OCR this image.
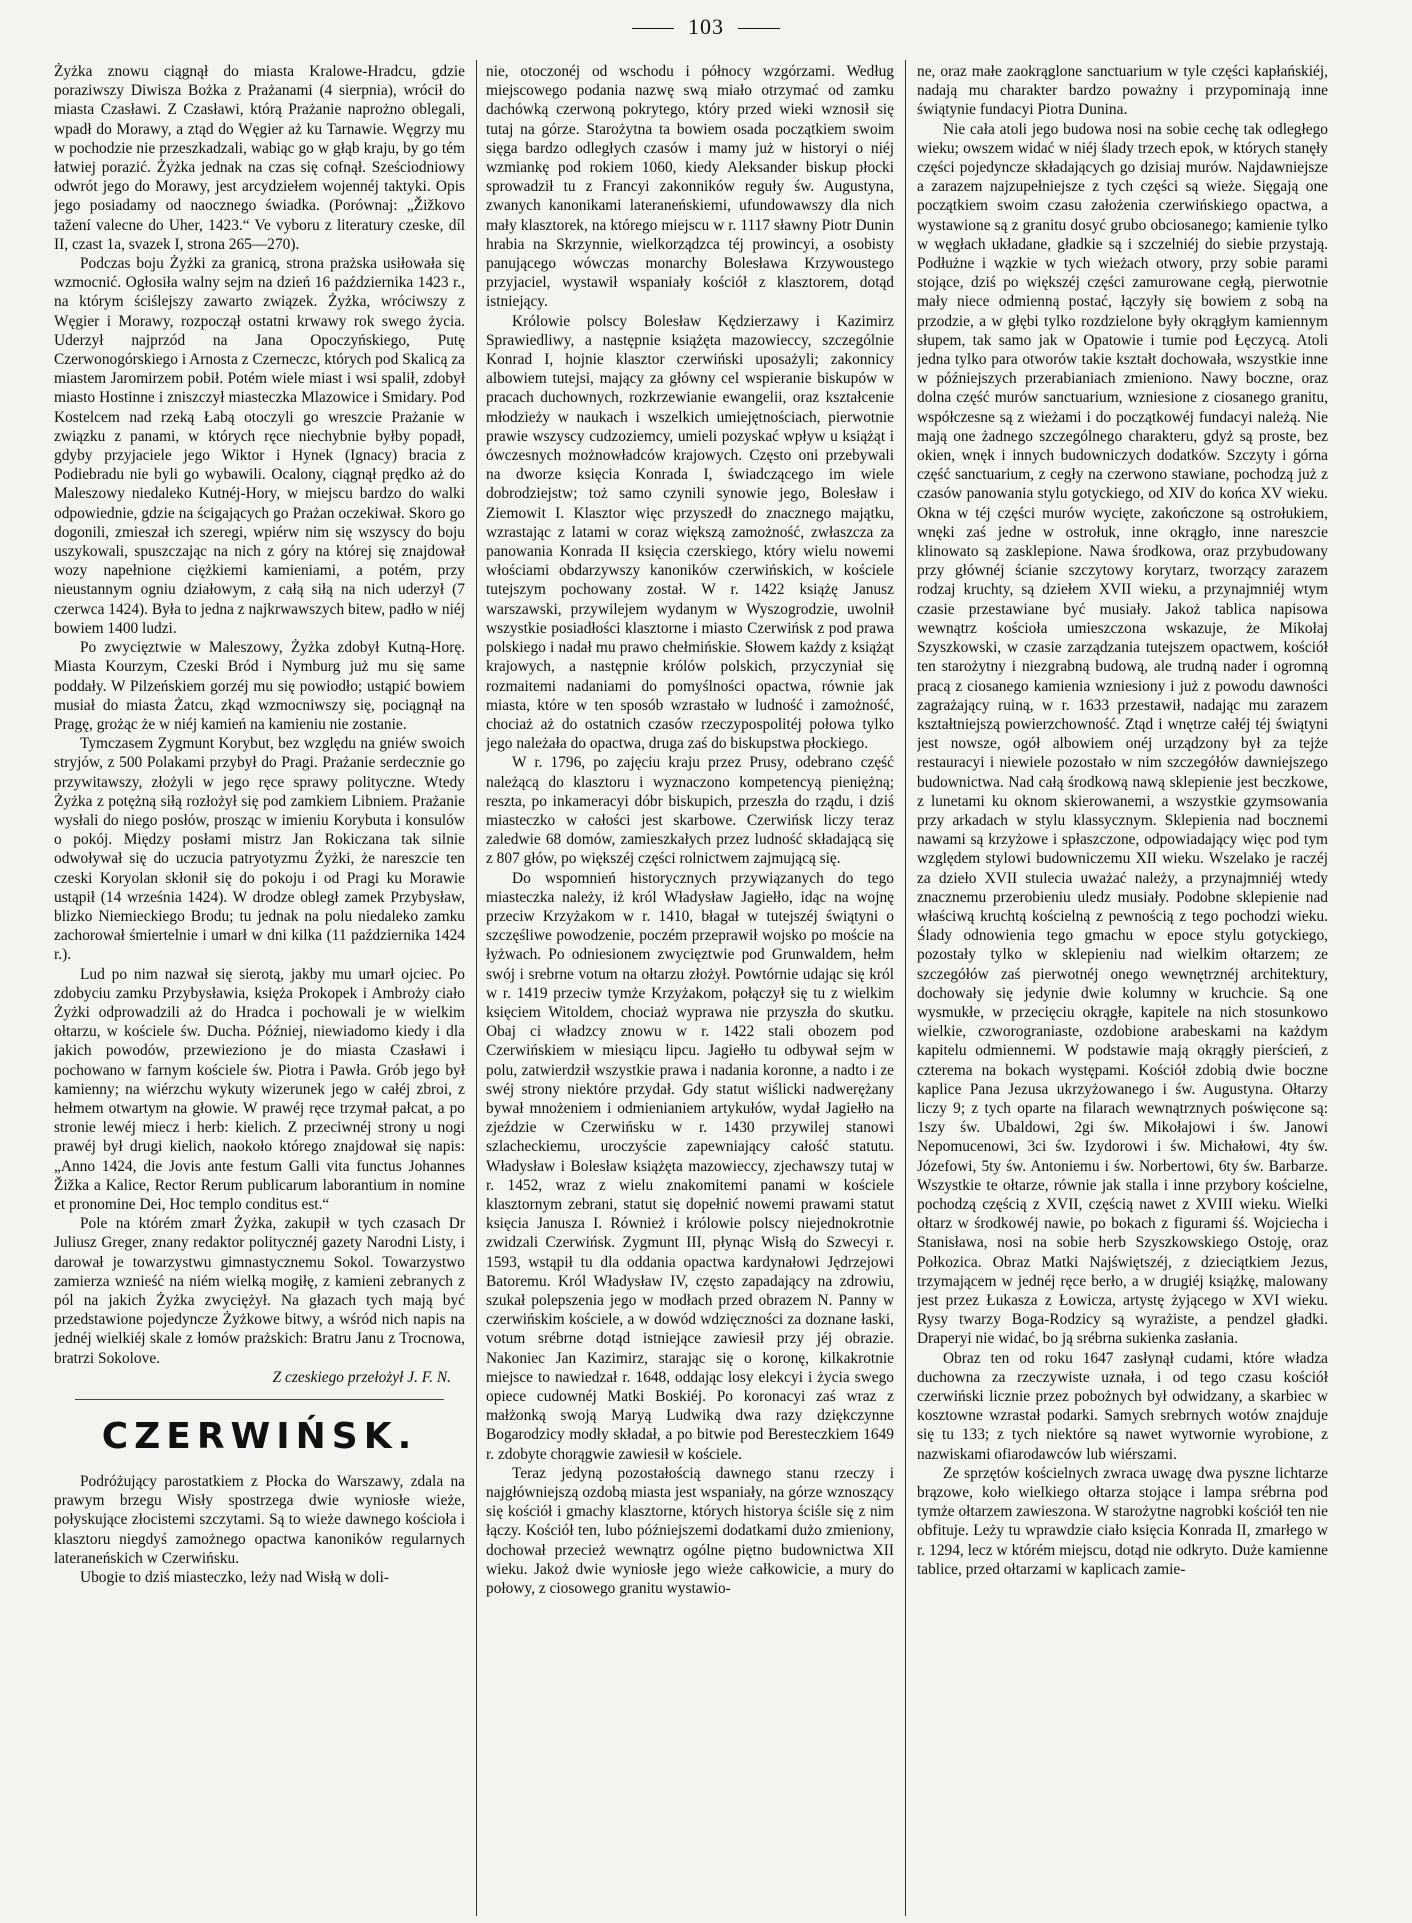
103

Żyżka znowu ciągnął do miasta Kralowe-Hradcu, gdzie poraziwszy Diwisza Bożka z Prażanami (4 sierpnia), wrócił do miasta Czasławi. Z Czasławi, którą Prażanie naprożno oblegali, wpadł do Morawy, a ztąd do Węgier aż ku Tarnawie. Węgrzy mu w pochodzie nie przeszkadzali, wabiąc go w głąb kraju, by go tém łatwiej porazić. Żyżka jednak na czas się cofnął. Sześciodniowy odwrót jego do Morawy, jest arcydziełem wojennéj taktyki. Opis jego posiadamy od naocznego świadka. (Porównaj: „Žižkovo tažení valecne do Uher, 1423.“ Ve vyboru z literatury czeske, díl II, czast 1a, svazek I, strona 265—270).

Podczas boju Żyżki za granicą, strona prażska usiłowała się wzmocnić. Ogłosiła walny sejm na dzień 16 października 1423 r., na którym ściślejszy zawarto związek. Żyżka, wróciwszy z Węgier i Morawy, rozpoczął ostatni krwawy rok swego życia. Uderzył najprzód na Jana Opoczyńskiego, Putę Czerwonogórskiego i Arnosta z Czerneczc, których pod Skalicą za miastem Jaromirzem pobił. Potém wiele miast i wsi spalił, zdobył miasto Hostinne i zniszczył miasteczka Mlazowice i Smidary. Pod Kostelcem nad rzeką Łabą otoczyli go wreszcie Prażanie w związku z panami, w których ręce niechybnie byłby popadł, gdyby przyjaciele jego Wiktor i Hynek (Ignacy) bracia z Podiebradu nie byli go wybawili. Ocalony, ciągnął prędko aż do Maleszowy niedaleko Kutnéj-Hory, w miejscu bardzo do walki odpowiednie, gdzie na ścigających go Prażan oczekiwał. Skoro go dogonili, zmieszał ich szeregi, wpiérw nim się wszyscy do boju uszykowali, spuszczając na nich z góry na której się znajdował wozy napełnione ciężkiemi kamieniami, a potém, przy nieustannym ogniu działowym, z całą siłą na nich uderzył (7 czerwca 1424). Była to jedna z najkrwawszych bitew, padło w niéj bowiem 1400 ludzi.

Po zwycięztwie w Maleszowy, Żyżka zdobył Kutną-Horę. Miasta Kourzym, Czeski Bród i Nymburg już mu się same poddały. W Pilzeńskiem gorzéj mu się powiodło; ustąpić bowiem musiał do miasta Żatcu, zkąd wzmocniwszy się, pociągnął na Pragę, grożąc że w niéj kamień na kamieniu nie zostanie.

Tymczasem Zygmunt Korybut, bez względu na gniéw swoich stryjów, z 500 Polakami przybył do Pragi. Prażanie serdecznie go przywitawszy, złożyli w jego ręce sprawy polityczne. Wtedy Żyżka z potężną siłą rozłożył się pod zamkiem Libniem. Prażanie wysłali do niego posłów, prosząc w imieniu Korybuta i konsulów o pokój. Między posłami mistrz Jan Rokiczana tak silnie odwoływał się do uczucia patryotyzmu Żyżki, że nareszcie ten czeski Koryolan skłonił się do pokoju i od Pragi ku Morawie ustąpił (14 września 1424). W drodze obległ zamek Przybysław, blizko Niemieckiego Brodu; tu jednak na polu niedaleko zamku zachorował śmiertelnie i umarł w dni kilka (11 października 1424 r.).

Lud po nim nazwał się sierotą, jakby mu umarł ojciec. Po zdobyciu zamku Przybysławia, księża Prokopek i Ambroży ciało Żyżki odprowadzili aż do Hradca i pochowali je w wielkim ołtarzu, w kościele św. Ducha. Później, niewiadomo kiedy i dla jakich powodów, przewieziono je do miasta Czasławi i pochowano w farnym kościele św. Piotra i Pawła. Grób jego był kamienny; na wiérzchu wykuty wizerunek jego w całéj zbroi, z hełmem otwartym na głowie. W prawéj ręce trzymał pałcat, a po stronie lewéj miecz i herb: kielich. Z przeciwnéj strony u nogi prawéj był drugi kielich, naokoło którego znajdował się napis: „Anno 1424, die Jovis ante festum Galli vita functus Johannes Žižka a Kalice, Rector Rerum publicarum laborantium in nomine et pronomine Dei, Hoc templo conditus est.“

Pole na którém zmarł Żyżka, zakupił w tych czasach Dr Juliusz Greger, znany redaktor politycznéj gazety Narodni Listy, i darował je towarzystwu gimnastycznemu Sokol. Towarzystwo zamierza wznieść na niém wielką mogiłę, z kamieni zebranych z pól na jakich Żyżka zwyciężył. Na głazach tych mają być przedstawione pojedyncze Żyżkowe bitwy, a wśród nich napis na jednéj wielkiéj skale z łomów prażskich: Bratru Janu z Trocnowa, bratrzi Sokolove.

Z czeskiego przełożył J. F. N.

CZERWIŃSK.

Podróżujący parostatkiem z Płocka do Warszawy, zdala na prawym brzegu Wisły spostrzega dwie wyniosłe wieże, połyskujące złocistemi szczytami. Są to wieże dawnego kościoła i klasztoru niegdyś zamożnego opactwa kanoników regularnych lateraneńskich w Czerwińsku.

Ubogie to dziś miasteczko, leży nad Wisłą w doli-

nie, otoczonéj od wschodu i północy wzgórzami. Według miejscowego podania nazwę swą miało otrzymać od zamku dachówką czerwoną pokrytego, który przed wieki wznosił się tutaj na górze. Starożytna ta bowiem osada początkiem swoim sięga bardzo odległych czasów i mamy już w historyi o niéj wzmiankę pod rokiem 1060, kiedy Aleksander biskup płocki sprowadził tu z Francyi zakonników reguły św. Augustyna, zwanych kanonikami lateraneńskiemi, ufundowawszy dla nich mały klasztorek, na którego miejscu w r. 1117 sławny Piotr Dunin hrabia na Skrzynnie, wielkorządzca téj prowincyi, a osobisty panującego wówczas monarchy Bolesława Krzywoustego przyjaciel, wystawił wspaniały kościół z klasztorem, dotąd istniejący.

Królowie polscy Bolesław Kędzierzawy i Kazimirz Sprawiedliwy, a następnie książęta mazowieccy, szczególnie Konrad I, hojnie klasztor czerwiński uposażyli; zakonnicy albowiem tutejsi, mający za główny cel wspieranie biskupów w pracach duchownych, rozkrzewianie ewangelii, oraz kształcenie młodzieży w naukach i wszelkich umiejętnościach, pierwotnie prawie wszyscy cudzoziemcy, umieli pozyskać wpływ u książąt i ówczesnych możnowładców krajowych. Często oni przebywali na dworze księcia Konrada I, świadczącego im wiele dobrodziejstw; toż samo czynili synowie jego, Bolesław i Ziemowit I. Klasztor więc przyszedł do znacznego majątku, wzrastając z latami w coraz większą zamożność, zwłaszcza za panowania Konrada II księcia czerskiego, który wielu nowemi włościami obdarzywszy kanoników czerwińskich, w kościele tutejszym pochowany został. W r. 1422 książę Janusz warszawski, przywilejem wydanym w Wyszogrodzie, uwolnił wszystkie posiadłości klasztorne i miasto Czerwińsk z pod prawa polskiego i nadał mu prawo chełmińskie. Słowem każdy z książąt krajowych, a następnie królów polskich, przyczyniał się rozmaitemi nadaniami do pomyślności opactwa, równie jak miasta, które w ten sposób wzrastało w ludność i zamożność, chociaż aż do ostatnich czasów rzeczypospolitéj połowa tylko jego należała do opactwa, druga zaś do biskupstwa płockiego.

W r. 1796, po zajęciu kraju przez Prusy, odebrano część należącą do klasztoru i wyznaczono kompetencyą pieniężną; reszta, po inkameracyi dóbr biskupich, przeszła do rządu, i dziś miasteczko w całości jest skarbowe. Czerwińsk liczy teraz zaledwie 68 domów, zamieszkałych przez ludność składającą się z 807 głów, po większéj części rolnictwem zajmującą się.

Do wspomnień historycznych przywiązanych do tego miasteczka należy, iż król Władysław Jagiełło, idąc na wojnę przeciw Krzyżakom w r. 1410, błagał w tutejszéj świątyni o szczęśliwe powodzenie, poczém przeprawił wojsko po moście na łyżwach. Po odniesionem zwycięztwie pod Grunwaldem, hełm swój i srebrne votum na ołtarzu złożył. Powtórnie udając się król w r. 1419 przeciw tymże Krzyżakom, połączył się tu z wielkim księciem Witoldem, chociaż wyprawa nie przyszła do skutku. Obaj ci władzcy znowu w r. 1422 stali obozem pod Czerwińskiem w miesiącu lipcu. Jagiełło tu odbywał sejm w polu, zatwierdził wszystkie prawa i nadania koronne, a nadto i ze swéj strony niektóre przydał. Gdy statut wiślicki nadwerężany bywał mnożeniem i odmienianiem artykułów, wydał Jagiełło na zjeździe w Czerwińsku w r. 1430 przywilej stanowi szlacheckiemu, uroczyście zapewniający całość statutu. Władysław i Bolesław książęta mazowieccy, zjechawszy tutaj w r. 1452, wraz z wielu znakomitemi panami w kościele klasztornym zebrani, statut się dopełnić nowemi prawami statut księcia Janusza I. Również i królowie polscy niejednokrotnie zwidzali Czerwińsk. Zygmunt III, płynąc Wisłą do Szwecyi r. 1593, wstąpił tu dla oddania opactwa kardynałowi Jędrzejowi Batoremu. Król Władysław IV, często zapadający na zdrowiu, szukał polepszenia jego w modłach przed obrazem N. Panny w czerwińskim kościele, a w dowód wdzięczności za doznane łaski, votum srébrne dotąd istniejące zawiesił przy jéj obrazie. Nakoniec Jan Kazimirz, starając się o koronę, kilkakrotnie miejsce to nawiedzał r. 1648, oddając losy elekcyi i życia swego opiece cudownéj Matki Boskiéj. Po koronacyi zaś wraz z małżonką swoją Maryą Ludwiką dwa razy dziękczynne Bogarodzicy modły składał, a po bitwie pod Beresteczkiem 1649 r. zdobyte chorągwie zawiesił w kościele.

Teraz jedyną pozostałością dawnego stanu rzeczy i najgłówniejszą ozdobą miasta jest wspaniały, na górze wznoszący się kościół i gmachy klasztorne, których historya ściśle się z nim łączy. Kościół ten, lubo późniejszemi dodatkami dużo zmieniony, dochował przecież wewnątrz ogólne piętno budownictwa XII wieku. Jakoż dwie wyniosłe jego wieże całkowicie, a mury do połowy, z ciosowego granitu wystawio-

ne, oraz małe zaokrąglone sanctuarium w tyle części kapłańskiéj, nadają mu charakter bardzo poważny i przypominają inne świątynie fundacyi Piotra Dunina.

Nie cała atoli jego budowa nosi na sobie cechę tak odległego wieku; owszem widać w niéj ślady trzech epok, w których stanęły części pojedyncze składających go dzisiaj murów. Najdawniejsze a zarazem najzupełniejsze z tych części są wieże. Sięgają one początkiem swoim czasu założenia czerwińskiego opactwa, a wystawione są z granitu dosyć grubo obciosanego; kamienie tylko w węgłach układane, gładkie są i szczelniéj do siebie przystają. Podłużne i wązkie w tych wieżach otwory, przy sobie parami stojące, dziś po większéj części zamurowane cegłą, pierwotnie mały niece odmienną postać, łączyły się bowiem z sobą na przodzie, a w głębi tylko rozdzielone były okrągłym kamiennym słupem, tak samo jak w Opatowie i tumie pod Łęczycą. Atoli jedna tylko para otworów takie kształt dochowała, wszystkie inne w późniejszych przerabianiach zmieniono. Nawy boczne, oraz dolna część murów sanctuarium, wzniesione z ciosanego granitu, współczesne są z wieżami i do początkowéj fundacyi należą. Nie mają one żadnego szczególnego charakteru, gdyż są proste, bez okien, wnęk i innych budowniczych dodatków. Szczyty i górna część sanctuarium, z cegły na czerwono stawiane, pochodzą już z czasów panowania stylu gotyckiego, od XIV do końca XV wieku. Okna w téj części murów wycięte, zakończone są ostrołukiem, wnęki zaś jedne w ostrołuk, inne okrągło, inne nareszcie klinowato są zasklepione. Nawa środkowa, oraz przybudowany przy głównéj ścianie szczytowy korytarz, tworzący zarazem rodzaj kruchty, są dziełem XVII wieku, a przynajmniéj wtym czasie przestawiane być musiały. Jakoż tablica napisowa wewnątrz kościoła umieszczona wskazuje, że Mikołaj Szyszkowski, w czasie zarządzania tutejszem opactwem, kościół ten starożytny i niezgrabną budową, ale trudną nader i ogromną pracą z ciosanego kamienia wzniesiony i już z powodu dawności zagrażający ruiną, w r. 1633 przestawił, nadając mu zarazem kształtniejszą powierzchowność. Ztąd i wnętrze całéj téj świątyni jest nowsze, ogół albowiem onéj urządzony był za tejże restauracyi i niewiele pozostało w nim szczegółów dawniejszego budownictwa. Nad całą środkową nawą sklepienie jest beczkowe, z lunetami ku oknom skierowanemi, a wszystkie gzymsowania przy arkadach w stylu klassycznym. Sklepienia nad bocznemi nawami są krzyżowe i spłaszczone, odpowiadający więc pod tym względem stylowi budowniczemu XII wieku. Wszelako je raczéj za dzieło XVII stulecia uważać należy, a przynajmniéj wtedy znacznemu przerobieniu uledz musiały. Podobne sklepienie nad właściwą kruchtą kościelną z pewnością z tego pochodzi wieku. Ślady odnowienia tego gmachu w epoce stylu gotyckiego, pozostały tylko w sklepieniu nad wielkim ołtarzem; ze szczegółów zaś pierwotnéj onego wewnętrznéj architektury, dochowały się jedynie dwie kolumny w kruchcie. Są one wysmukłe, w przecięciu okrągłe, kapitele na nich stosunkowo wielkie, czworograniaste, ozdobione arabeskami na każdym kapitelu odmiennemi. W podstawie mają okrągły pierścień, z czterema na bokach występami. Kościół zdobią dwie boczne kaplice Pana Jezusa ukrzyżowanego i św. Augustyna. Ołtarzy liczy 9; z tych oparte na filarach wewnątrznych poświęcone są: 1szy św. Ubaldowi, 2gi św. Mikołajowi i św. Janowi Nepomucenowi, 3ci św. Izydorowi i św. Michałowi, 4ty św. Józefowi, 5ty św. Antoniemu i św. Norbertowi, 6ty św. Barbarze. Wszystkie te ołtarze, równie jak stalla i inne przybory kościelne, pochodzą częścią z XVII, częścią nawet z XVIII wieku. Wielki ołtarz w środkowéj nawie, po bokach z figurami śś. Wojciecha i Stanisława, nosi na sobie herb Szyszkowskiego Ostoję, oraz Połkozica. Obraz Matki Najświętszéj, z dzieciątkiem Jezus, trzymającem w jednéj ręce berło, a w drugiéj książkę, malowany jest przez Łukasza z Łowicza, artystę żyjącego w XVI wieku. Rysy twarzy Boga-Rodzicy są wyrażiste, a pendzel gładki. Draperyi nie widać, bo ją srébrna sukienka zasłania.

Obraz ten od roku 1647 zasłynął cudami, które władza duchowna za rzeczywiste uznała, i od tego czasu kościół czerwiński licznie przez pobożnych był odwidzany, a skarbiec w kosztowne wzrastał podarki. Samych srebrnych wotów znajduje się tu 133; z tych niektóre są nawet wytwornie wyrobione, z nazwiskami ofiarodawców lub wiérszami.

Ze sprzętów kościelnych zwraca uwagę dwa pyszne lichtarze brązowe, koło wielkiego ołtarza stojące i lampa srébrna pod tymże ołtarzem zawieszona. W starożytne nagrobki kościół ten nie obfituje. Leży tu wprawdzie ciało księcia Konrada II, zmarłego w r. 1294, lecz w którém miejscu, dotąd nie odkryto. Duże kamienne tablice, przed ołtarzami w kaplicach zamie-
